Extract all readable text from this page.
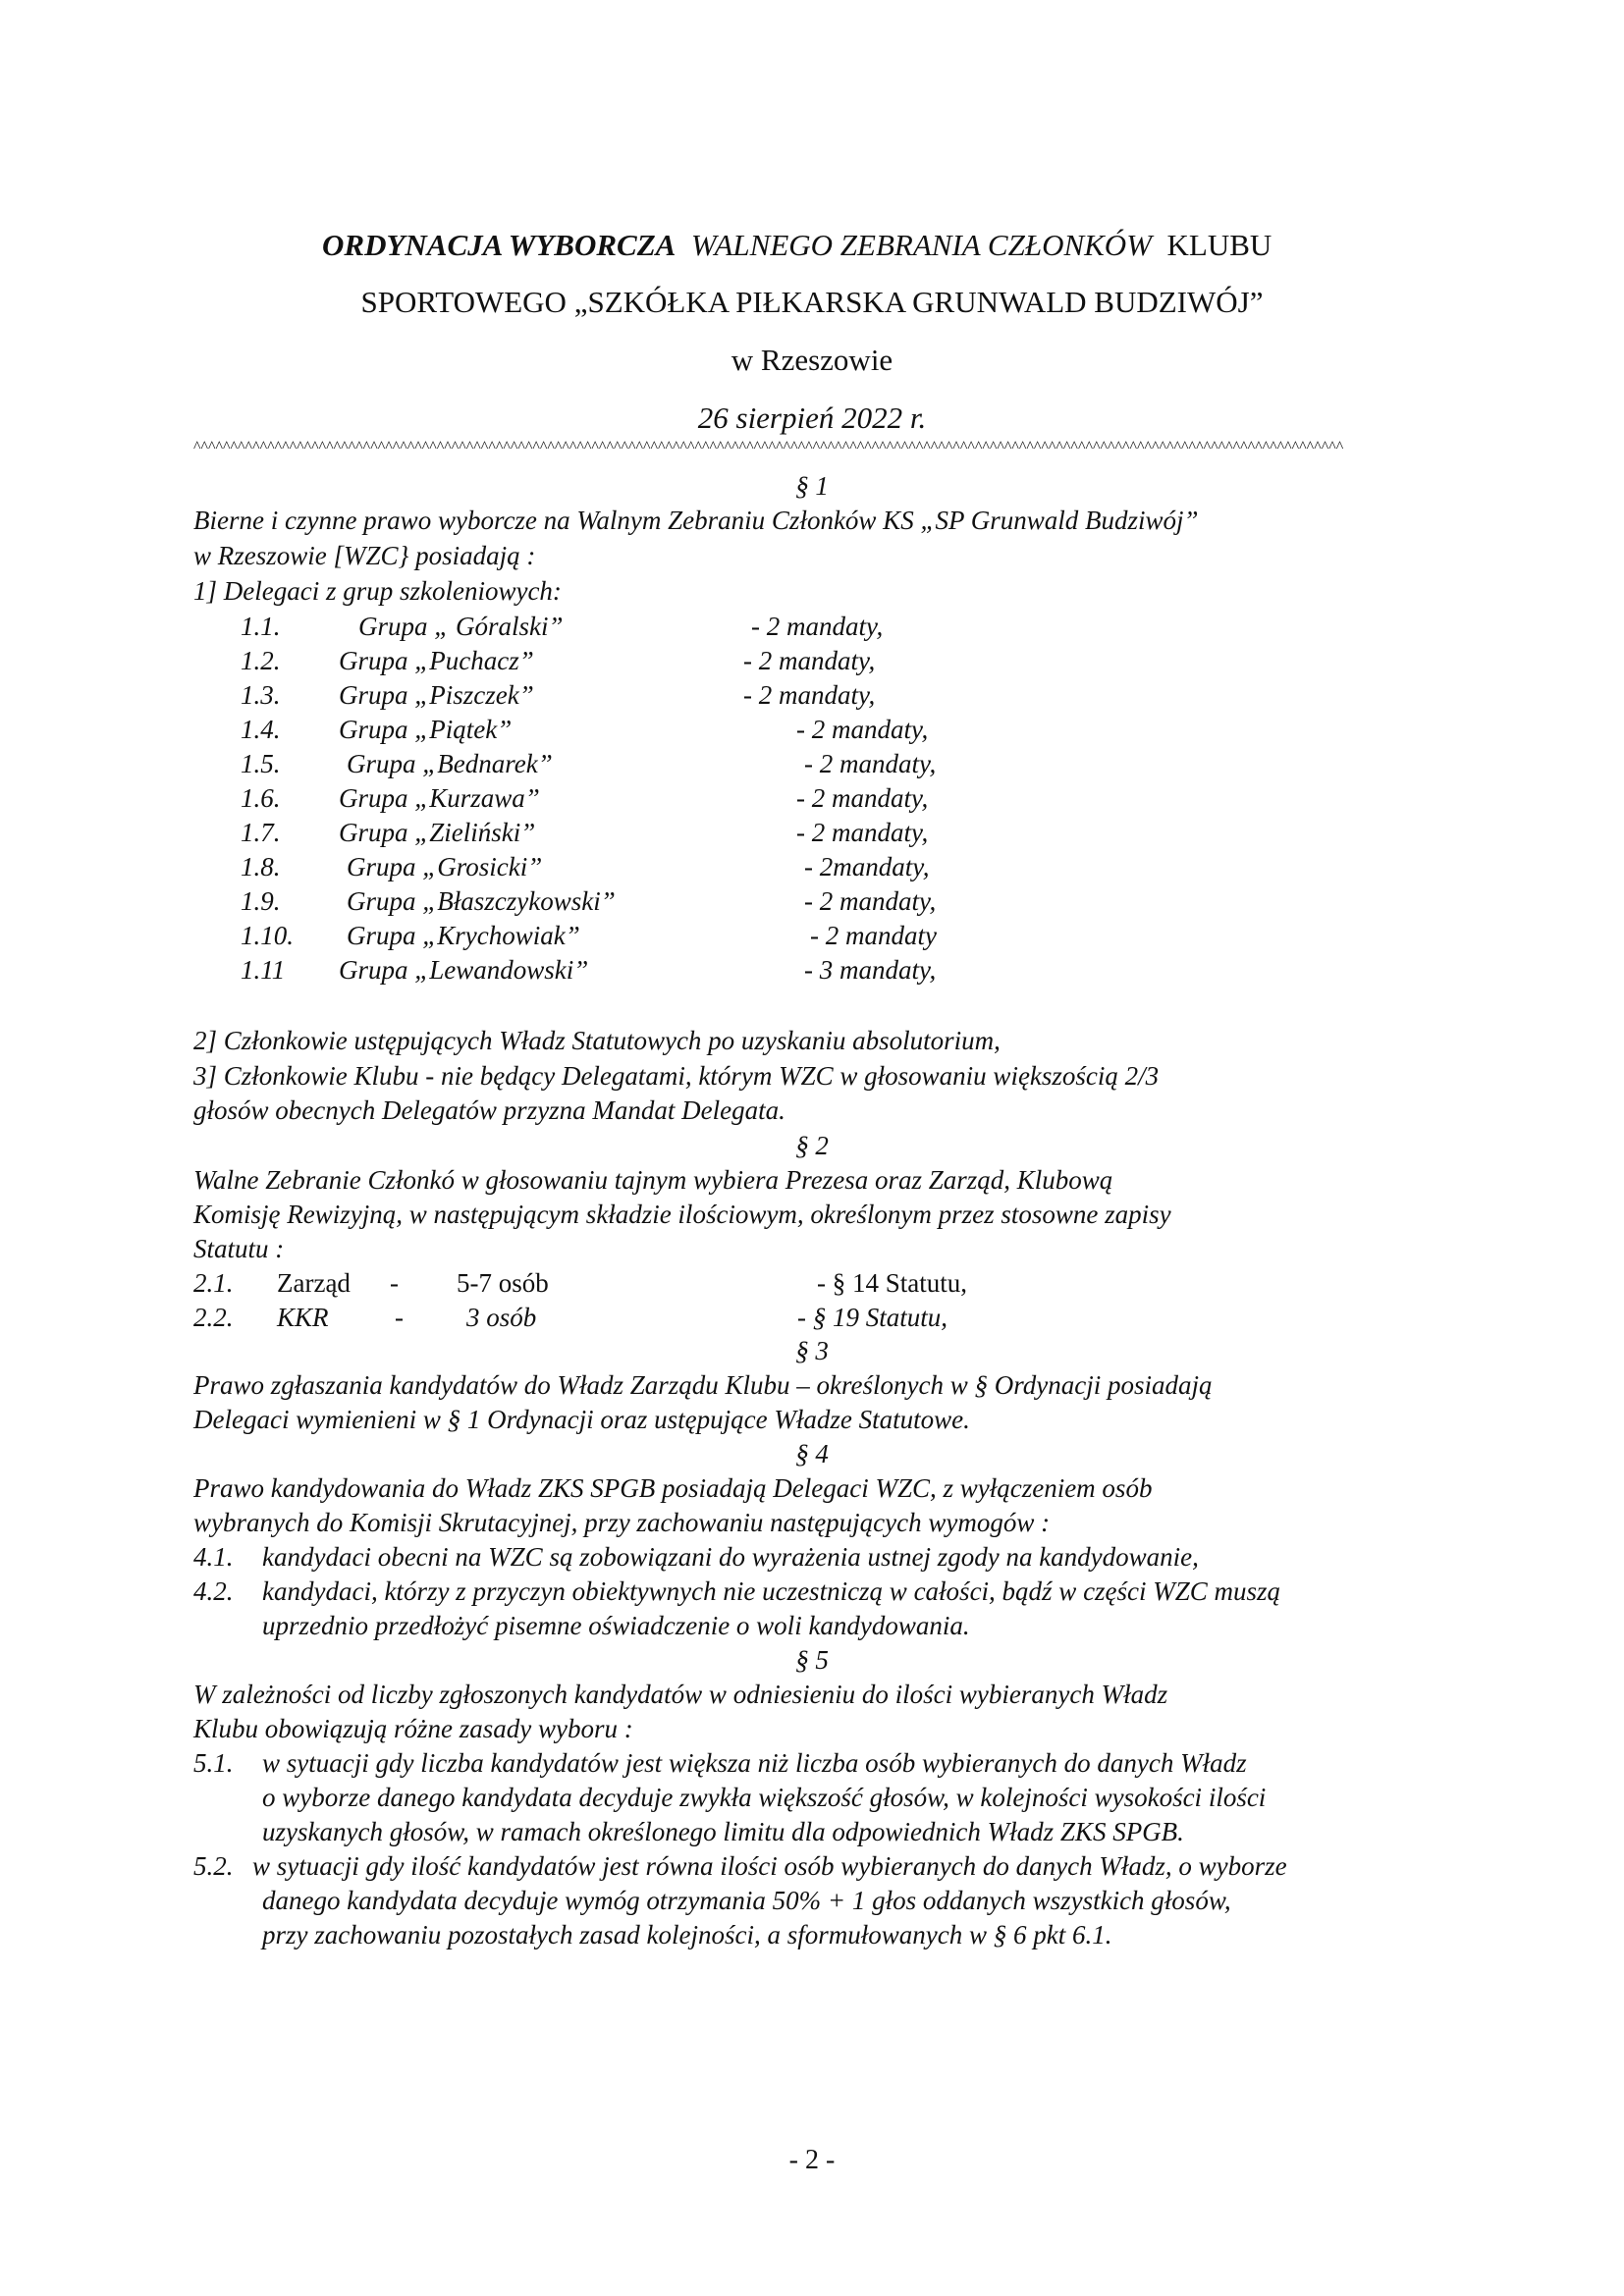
ORDYNACJA WYBORCZA WALNEGO ZEBRANIA CZŁONKÓW KLUBU
SPORTOWEGO „SZKÓŁKA PIŁKARSKA GRUNWALD BUDZIWÓJ”
w Rzeszowie
26 sierpień 2022 r.
^^^^^^^^^^^^^^^^^^^^^^^^^^^^^^^^^^^^^^^^^^^^^^^^^^^^^^^^^^^^^^^^^^^^^^^^^^^^^^^^^^^^^^^^^^^^^^^^^^^^^^^^^^^^^^^^^^^^^^^^^^^^^^^^^^^^^^^^^^^^^^^^^^^^^^^^^^^^
§ 1
Bierne i czynne prawo wyborcze na Walnym Zebraniu Członków KS „SP Grunwald Budziwój”
w Rzeszowie [WZC} posiadają :
1] Delegaci z grup szkoleniowych:
1.1.	Grupa „ Góralski”	- 2 mandaty,
1.2. Grupa „Puchacz”	- 2 mandaty,
1.3. Grupa „Piszczek”	- 2 mandaty,
1.4. Grupa „Piątek”	- 2 mandaty,
1.5.	Grupa „Bednarek”	- 2 mandaty,
1.6. Grupa „Kurzawa”	- 2 mandaty,
1.7. Grupa „Zieliński”	- 2 mandaty,
1.8.	Grupa „Grosicki”	- 2mandaty,
1.9.	Grupa „Błaszczykowski”	- 2 mandaty,
1.10. Grupa „Krychowiak”	- 2 mandaty
1.11 Grupa „Lewandowski”	- 3 mandaty,
2] Członkowie ustępujących Władz Statutowych po uzyskaniu absolutorium,
3] Członkowie Klubu - nie będący Delegatami, którym WZC w głosowaniu większością 2/3
głosów obecnych Delegatów przyzna Mandat Delegata.
§ 2
Walne Zebranie Członkó w głosowaniu tajnym wybiera Prezesa oraz Zarząd, Klubową
Komisję Rewizyjną, w następującym składzie ilościowym, określonym przez stosowne zapisy
Statutu :
2.1. Zarząd - 5-7 osób	- § 14 Statutu,
2.2. KKR - 3 osób	- § 19 Statutu,
§ 3
Prawo zgłaszania kandydatów do Władz Zarządu Klubu – określonych w § Ordynacji posiadają
Delegaci wymienieni w § 1 Ordynacji oraz ustępujące Władze Statutowe.
§ 4
Prawo kandydowania do Władz ZKS SPGB posiadają Delegaci WZC, z wyłączeniem osób
wybranych do Komisji Skrutacyjnej, przy zachowaniu następujących wymogów :
4.1. kandydaci obecni na WZC są zobowiązani do wyrażenia ustnej zgody na kandydowanie,
4.2. kandydaci, którzy z przyczyn obiektywnych nie uczestniczą w całości, bądź w części WZC muszą
uprzednio przedłożyć pisemne oświadczenie o woli kandydowania.
§ 5
W zależności od liczby zgłoszonych kandydatów w odniesieniu do ilości wybieranych Władz
Klubu obowiązują różne zasady wyboru :
5.1. w sytuacji gdy liczba kandydatów jest większa niż liczba osób wybieranych do danych Władz
o wyborze danego kandydata decyduje zwykła większość głosów, w kolejności wysokości ilości
uzyskanych głosów, w ramach określonego limitu dla odpowiednich Władz ZKS SPGB.
5.2. w sytuacji gdy ilość kandydatów jest równa ilości osób wybieranych do danych Władz, o wyborze
danego kandydata decyduje wymóg otrzymania 50% + 1 głos oddanych wszystkich głosów,
przy zachowaniu pozostałych zasad kolejności, a sformułowanych w § 6 pkt 6.1.
- 2 -
